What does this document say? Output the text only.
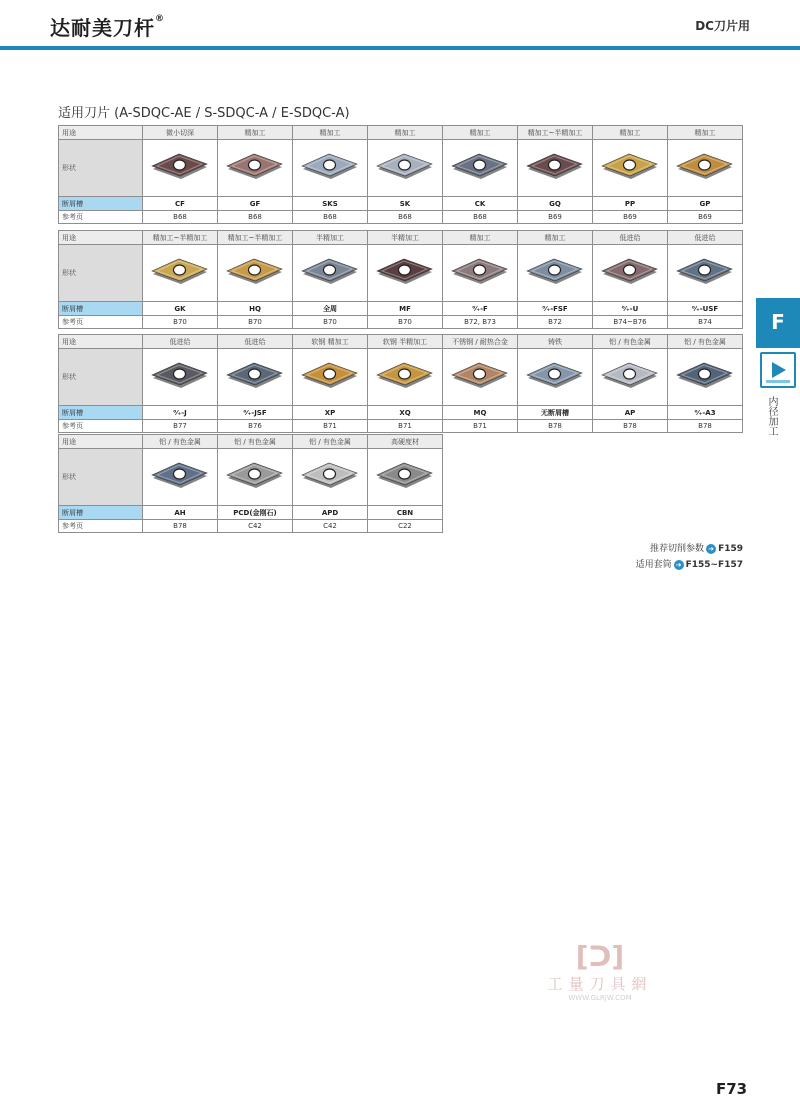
达耐美刀杆®	DC刀片用
适用刀片 (A-SDQC-AE / S-SDQC-A / E-SDQC-A)
用途	微小切深	精加工	精加工	精加工	精加工	精加工~半精加工	精加工	精加工
形状								
断屑槽	CF	GF	SKS	SK	CK	GQ	PP	GP
参考页	B68	B68	B68	B68	B68	B69	B69	B69
用途	精加工~半精加工	精加工~半精加工	半精加工	半精加工	精加工	精加工	低进给	低进给
形状								
断屑槽	GK	HQ	全周	MF	⁰⁄₊-F	⁰⁄₊-FSF	⁰⁄₊-U	⁰⁄₊-USF
参考页	B70	B70	B70	B70	B72, B73	B72	B74~B76	B74
用途	低进给	低进给	软钢 精加工	软钢 半精加工	不锈钢 / 耐热合金	铸铁	铝 / 有色金属	铝 / 有色金属
形状								
断屑槽	⁰⁄₊-J	⁰⁄₊-JSF	XP	XQ	MQ	无断屑槽	AP	⁰⁄₊-A3
参考页	B77	B76	B71	B71	B71	B78	B78	B78
用途	铝 / 有色金属	铝 / 有色金属	铝 / 有色金属	高硬度材
形状				
断屑槽	AH	PCD(金刚石)	APD	CBN
参考页	B78	C42	C42	C22
推荐切削参数 ➔ F159
适用套筒 ➔ F155~F157
F
内径加工
[ᑐ]
工量刀具網
WWW.GLRJW.COM
F73
